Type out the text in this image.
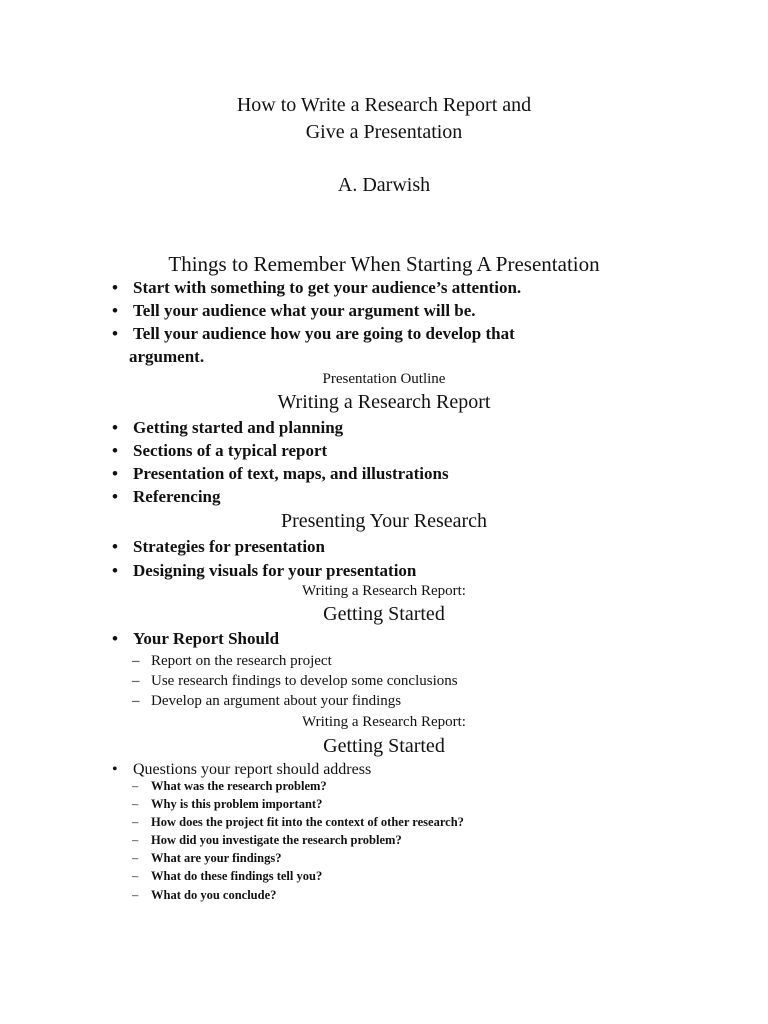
How to Write a Research Report and
Give a Presentation
A. Darwish
Things to Remember When Starting A Presentation
• Start with something to get your audience’s attention.
• Tell your audience what your argument will be.
• Tell your audience how you are going to develop that
argument.
Presentation Outline
Writing a Research Report
• Getting started and planning
• Sections of a typical report
• Presentation of text, maps, and illustrations
• Referencing
Presenting Your Research
• Strategies for presentation
• Designing visuals for your presentation
Writing a Research Report:
Getting Started
• Your Report Should
– Report on the research project
– Use research findings to develop some conclusions
– Develop an argument about your findings
Writing a Research Report:
Getting Started
• Questions your report should address
– What was the research problem?
– Why is this problem important?
– How does the project fit into the context of other research?
– How did you investigate the research problem?
– What are your findings?
– What do these findings tell you?
– What do you conclude?
